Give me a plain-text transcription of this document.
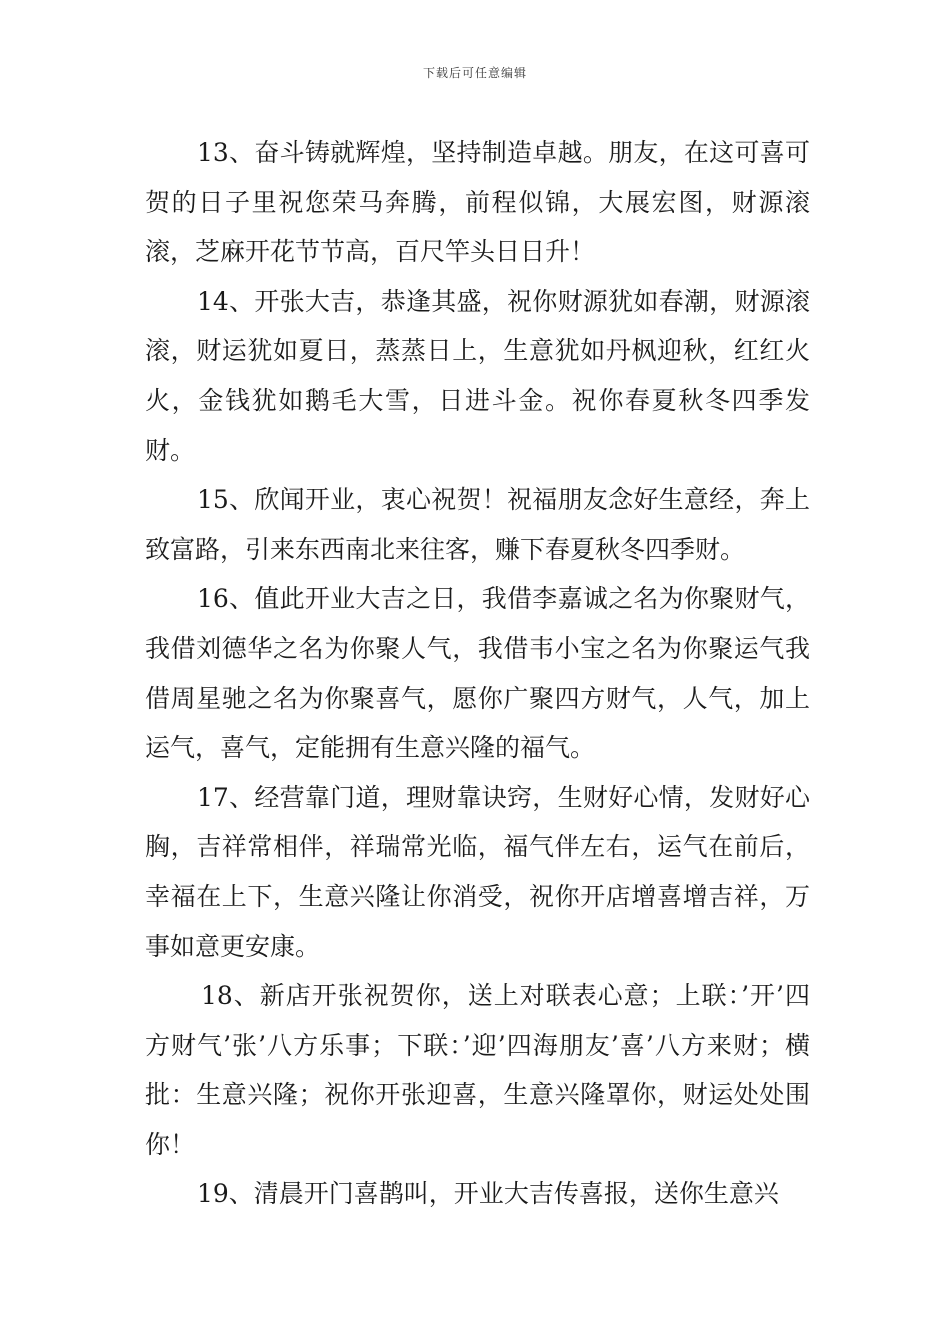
下载后可任意编辑

13、奋斗铸就辉煌，坚持制造卓越。朋友，在这可喜可贺的日子里祝您荣马奔腾，前程似锦，大展宏图，财源滚滚，芝麻开花节节高，百尺竿头日日升！

14、开张大吉，恭逢其盛，祝你财源犹如春潮，财源滚滚，财运犹如夏日，蒸蒸日上，生意犹如丹枫迎秋，红红火火，金钱犹如鹅毛大雪，日进斗金。祝你春夏秋冬四季发财。

15、欣闻开业，衷心祝贺！祝福朋友念好生意经，奔上致富路，引来东西南北来往客，赚下春夏秋冬四季财。

16、值此开业大吉之日，我借李嘉诚之名为你聚财气，我借刘德华之名为你聚人气，我借韦小宝之名为你聚运气我借周星驰之名为你聚喜气，愿你广聚四方财气，人气，加上运气，喜气，定能拥有生意兴隆的福气。

17、经营靠门道，理财靠诀窍，生财好心情，发财好心胸，吉祥常相伴，祥瑞常光临，福气伴左右，运气在前后，幸福在上下，生意兴隆让你消受，祝你开店增喜增吉祥，万事如意更安康。

18、新店开张祝贺你，送上对联表心意；上联：’开’四方财气’张’八方乐事；下联：’迎’四海朋友’喜’八方来财；横批：生意兴隆；祝你开张迎喜，生意兴隆罩你，财运处处围你！

19、清晨开门喜鹊叫，开业大吉传喜报，送你生意兴
